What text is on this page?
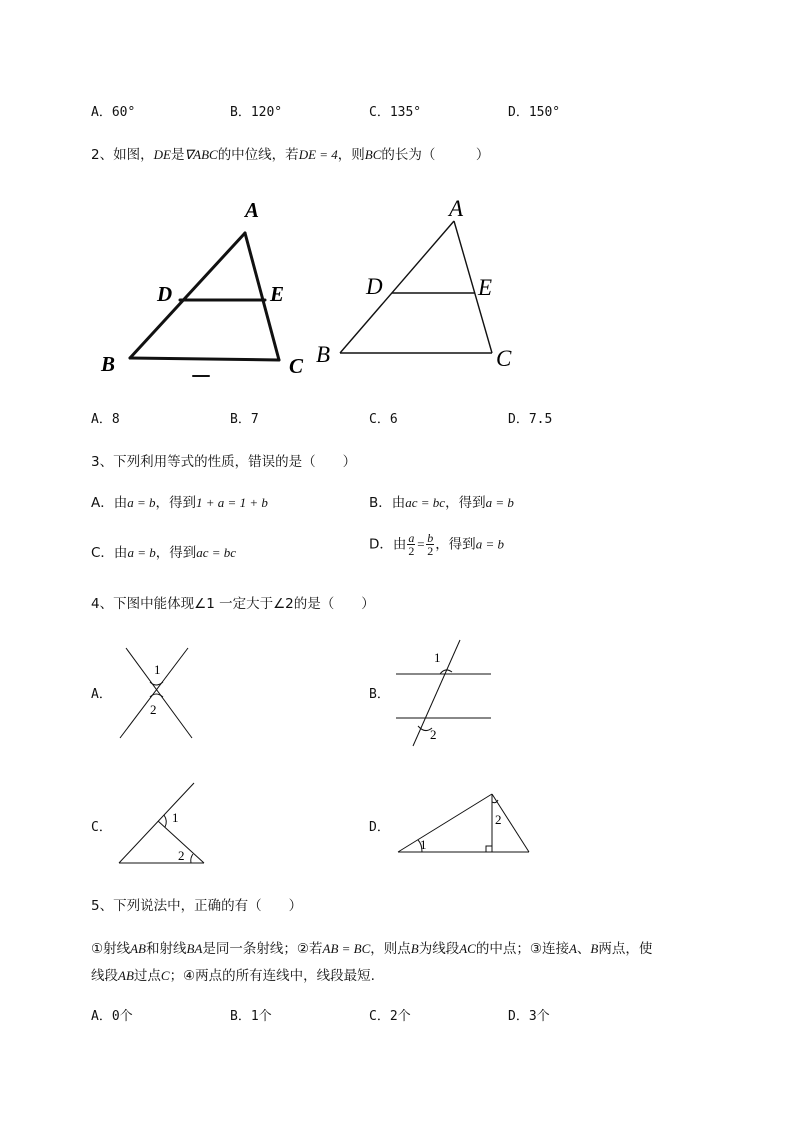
A．60°	B．120°	C．135°	D．150°
2、如图，DE是∇ABC的中位线，若DE = 4，则BC的长为（　　　）
A
D	E
B	C
A
D	E
B	C
A．8	B．7	C．6	D．7.5
3、下列利用等式的性质，错误的是（　　）
A．由a = b，得到1 + a = 1 + b	B．由ac = bc，得到a = b
C．由a = b，得到ac = bc	D．由 $\frac{a}{2} = \frac{b}{2}$ ，得到a = b
4、下图中能体现∠1 一定大于∠2的是（　　）
A．
1
2
B．
1
2
C．
1
2
D．
1
2
5、下列说法中，正确的有（　　）
①射线AB和射线BA是同一条射线；②若AB = BC，则点B为线段AC的中点；③连接A、B两点，使
线段AB过点C；④两点的所有连线中，线段最短.
A．0个	B．1个	C．2个	D．3个
